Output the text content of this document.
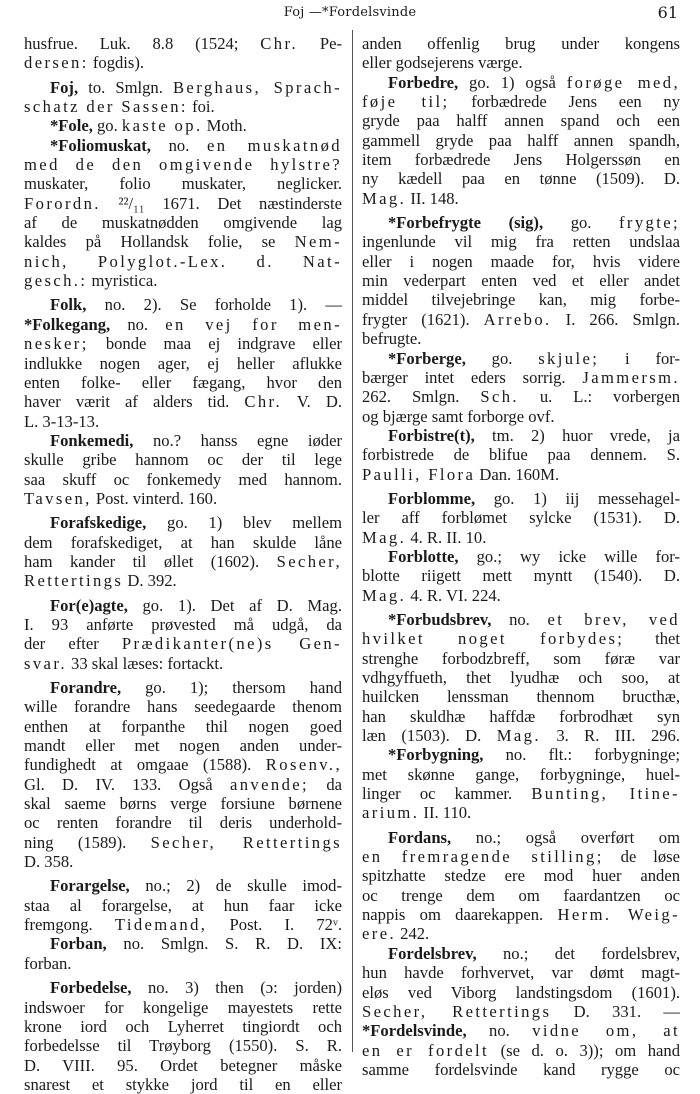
Foj —*Fordelsvinde	61
husfrue. Luk. 8.8 (1524; Chr. Pe-
dersen: fogdis).
Foj, to. Smlgn. Berghaus, Sprach-
schatz der Sassen: foi.
*Fole, go. kaste op. Moth.
*Foliomuskat, no. en muskatnød
med de den omgivende hylstre?
muskater, folio muskater, neglicker.
Forordn. ²²/₁₁ 1671. Det næstinderste
af de muskatnødden omgivende lag
kaldes på Hollandsk folie, se Nem-
nich, Polyglot.-Lex. d. Nat-
gesch.: myristica.
Folk, no. 2). Se forholde 1). —
*Folkegang, no. en vej for men-
nesker; bonde maa ej indgrave eller
indlukke nogen ager, ej heller aflukke
enten folke- eller fægang, hvor den
haver værit af alders tid. Chr. V. D.
L. 3-13-13.
Fonkemedi, no.? hanss egne iøder
skulle gribe hannom oc der til lege
saa skuff oc fonkemedy med hannom.
Tavsen, Post. vinterd. 160.
Forafskedige, go. 1) blev mellem
dem forafskediget, at han skulde låne
ham kander til øllet (1602). Secher,
Rettertings D. 392.
For(e)agte, go. 1). Det af D. Mag.
I. 93 anførte prøvested må udgå, da
der efter Prædikanter(ne)s Gen-
svar. 33 skal læses: fortackt.
Forandre, go. 1); thersom hand
wille forandre hans seedegaarde thenom
enthen at forpanthe thil nogen goed
mandt eller met nogen anden under-
fundighedt at omgaae (1588). Rosenv.,
Gl. D. IV. 133. Også anvende; da
skal saeme børns verge forsiune børnene
oc renten forandre til deris underhold-
ning (1589). Secher, Rettertings
D. 358.
Forargelse, no.; 2) de skulle imod-
staa al forargelse, at hun faar icke
fremgong. Tidemand, Post. I. 72ᵛ.
Forban, no. Smlgn. S. R. D. IX:
forban.
Forbedelse, no. 3) then (ɔ: jorden)
indswoer for kongelige mayestets rette
krone iord och Lyherret tingiordt och
forbedelsse til Trøyborg (1550). S. R.
D. VIII. 95. Ordet betegner måske
snarest et stykke jord til en eller
anden offenlig brug under kongens
eller godsejerens værge.
Forbedre, go. 1) også forøge med,
føje til; forbædrede Jens een ny
gryde paa halff annen spand och een
gammell gryde paa halff annen spandh,
item forbædrede Jens Holgerssøn en
ny kædell paa en tønne (1509). D.
Mag. II. 148.
*Forbefrygte (sig), go. frygte;
ingenlunde vil mig fra retten undslaa
eller i nogen maade for, hvis videre
min vederpart enten ved et eller andet
middel tilvejebringe kan, mig forbe-
frygter (1621). Arrebo. I. 266. Smlgn.
befrugte.
*Forberge, go. skjule; i for-
bærger intet eders sorrig. Jammersm.
262. Smlgn. Sch. u. L.: vorbergen
og bjærge samt forborge ovf.
Forbistre(t), tm. 2) huor vrede, ja
forbistrede de blifue paa dennem. S.
Paulli, Flora Dan. 160M.
Forblomme, go. 1) iij messehagel-
ler aff forblømet sylcke (1531). D.
Mag. 4. R. II. 10.
Forblotte, go.; wy icke wille for-
blotte riigett mett myntt (1540). D.
Mag. 4. R. VI. 224.
*Forbudsbrev, no. et brev, ved
hvilket noget forbydes; thet
strenghe forbodzbreff, som føræ var
vdhgyffueth, thet lyudhæ och soo, at
huilcken lenssman thennom bructhæ,
han skuldhæ haffdæ forbrodhæt syn
læn (1503). D. Mag. 3. R. III. 296.
*Forbygning, no. flt.: forbygninge;
met skønne gange, forbygninge, huel-
linger oc kammer. Bunting, Itine-
arium. II. 110.
Fordans, no.; også overført om
en fremragende stilling; de løse
spitzhatte stedze ere mod huer anden
oc trenge dem om faardantzen oc
nappis om daarekappen. Herm. Weig-
ere. 242.
Fordelsbrev, no.; det fordelsbrev,
hun havde forhvervet, var dømt magt-
eløs ved Viborg landstingsdom (1601).
Secher, Rettertings D. 331. —
*Fordelsvinde, no. vidne om, at
en er fordelt (se d. o. 3)); om hand
samme fordelsvinde kand rygge oc
